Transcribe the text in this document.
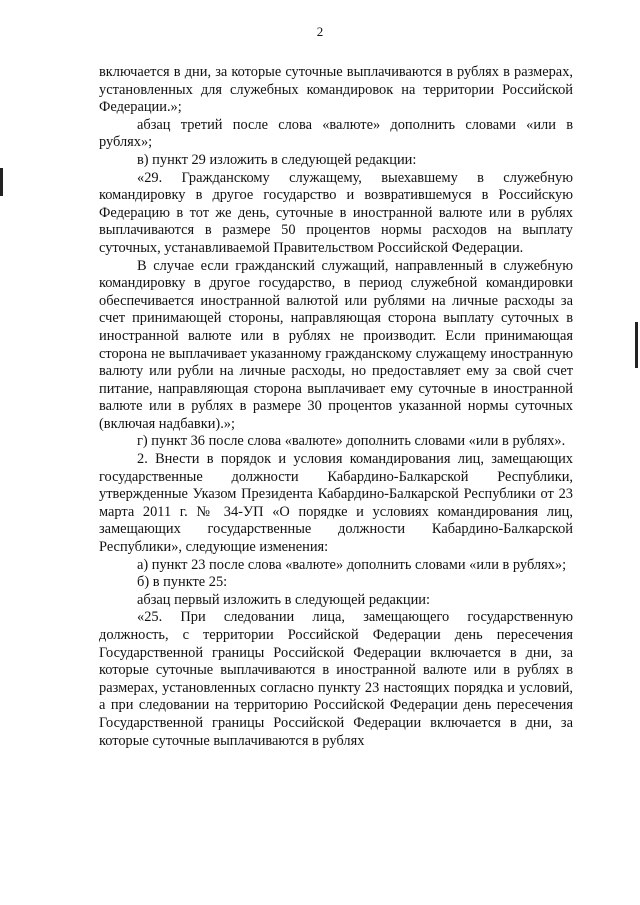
2

включается в дни, за которые суточные выплачиваются в рублях в размерах, установленных для служебных командировок на территории Российской Федерации.»;

абзац третий после слова «валюте» дополнить словами «или в рублях»;

в) пункт 29 изложить в следующей редакции:

«29. Гражданскому служащему, выехавшему в служебную командировку в другое государство и возвратившемуся в Российскую Федерацию в тот же день, суточные в иностранной валюте или в рублях выплачиваются в размере 50 процентов нормы расходов на выплату суточных, устанавливаемой Правительством Российской Федерации.

В случае если гражданский служащий, направленный в служебную командировку в другое государство, в период служебной командировки обеспечивается иностранной валютой или рублями на личные расходы за счет принимающей стороны, направляющая сторона выплату суточных в иностранной валюте или в рублях не производит. Если принимающая сторона не выплачивает указанному гражданскому служащему иностранную валюту или рубли на личные расходы, но предоставляет ему за свой счет питание, направляющая сторона выплачивает ему суточные в иностранной валюте или в рублях в размере 30 процентов указанной нормы суточных (включая надбавки).»;

г) пункт 36 после слова «валюте» дополнить словами «или в рублях».

2. Внести в порядок и условия командирования лиц, замещающих государственные должности Кабардино-Балкарской Республики, утвержденные Указом Президента Кабардино-Балкарской Республики от 23 марта 2011 г. № 34-УП «О порядке и условиях командирования лиц, замещающих государственные должности Кабардино-Балкарской Республики», следующие изменения:

а) пункт 23 после слова «валюте» дополнить словами «или в рублях»;

б) в пункте 25:

абзац первый изложить в следующей редакции:

«25. При следовании лица, замещающего государственную должность, с территории Российской Федерации день пересечения Государственной границы Российской Федерации включается в дни, за которые суточные выплачиваются в иностранной валюте или в рублях в размерах, установленных согласно пункту 23 настоящих порядка и условий, а при следовании на территорию Российской Федерации день пересечения Государственной границы Российской Федерации включается в дни, за которые суточные выплачиваются в рублях
